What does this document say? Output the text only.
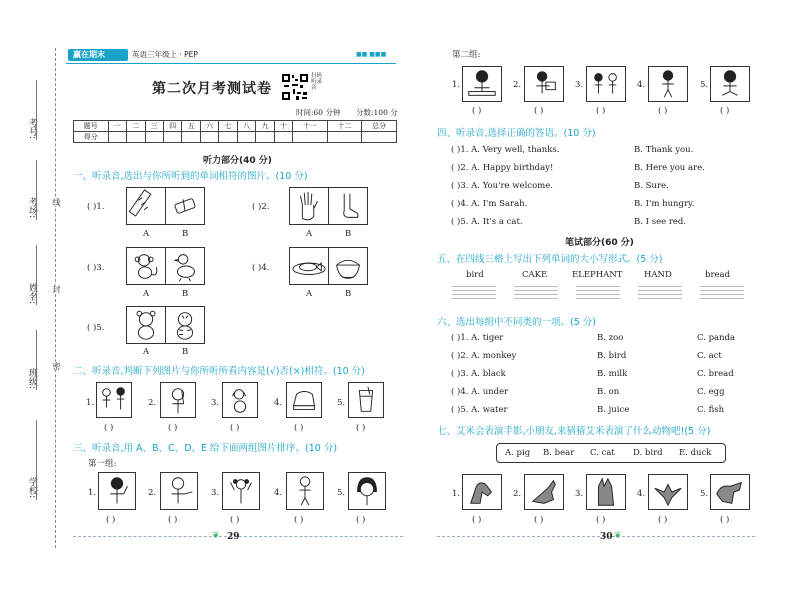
考号:
考场:
姓名:
班级:
学校:
线
封
密
赢在期末	英语三年级上 · PEP	■■ ■■■
第二次月考测试卷
扫码听录音
时间:60 分钟 分数:100 分
题号	一	二	三	四	五	六	七	八	九	十	十一	十二	总分
得分													
听力部分(40 分)
一、听录音,选出与你所听到的单词相符的图片。(10 分)
( )1.
A	B
( )2.
A	B
( )3.
A	B
( )4.
A	B
( )5.
A	B
二、听录音,判断下列图片与你所听所看内容是(√)否(×)相符。(10 分)
1.
( )
2.
( )
3.
( )
4.
( )
5.
( )
三、听录音,用 A、B、C、D、E 给下面两组图片排序。(10 分)
第一组:
1.
( )
2.
( )
3.
( )
4.
( )
5.
( )
❦ 29
第二组:
1.
( )
2.
( )
3.
( )
4.
( )
5.
( )
四、听录音,选择正确的答语。(10 分)
( )1. A. Very well, thanks.	B. Thank you.
( )2. A. Happy birthday!	B. Here you are.
( )3. A. You're welcome.	B. Sure.
( )4. A. I'm Sarah.	B. I'm hungry.
( )5. A. It's a cat.	B. I see red.
笔试部分(60 分)
五、在四线三格上写出下列单词的大小写形式。(5 分)
bird	CAKE	ELEPHANT	HAND	bread
六、选出每组中不同类的一项。(5 分)
( )1. A. tiger	B. zoo	C. panda
( )2. A. monkey	B. bird	C. act
( )3. A. black	B. milk	C. bread
( )4. A. under	B. on	C. egg
( )5. A. water	B. juice	C. fish
七、艾米会表演手影,小朋友,来猜猜艾米表演了什么动物吧!(5 分)
A. pig B. bear C. cat D. bird E. duck
1.
( )
2.
( )
3.
( )
4.
( )
5.
( )
30 ❦
